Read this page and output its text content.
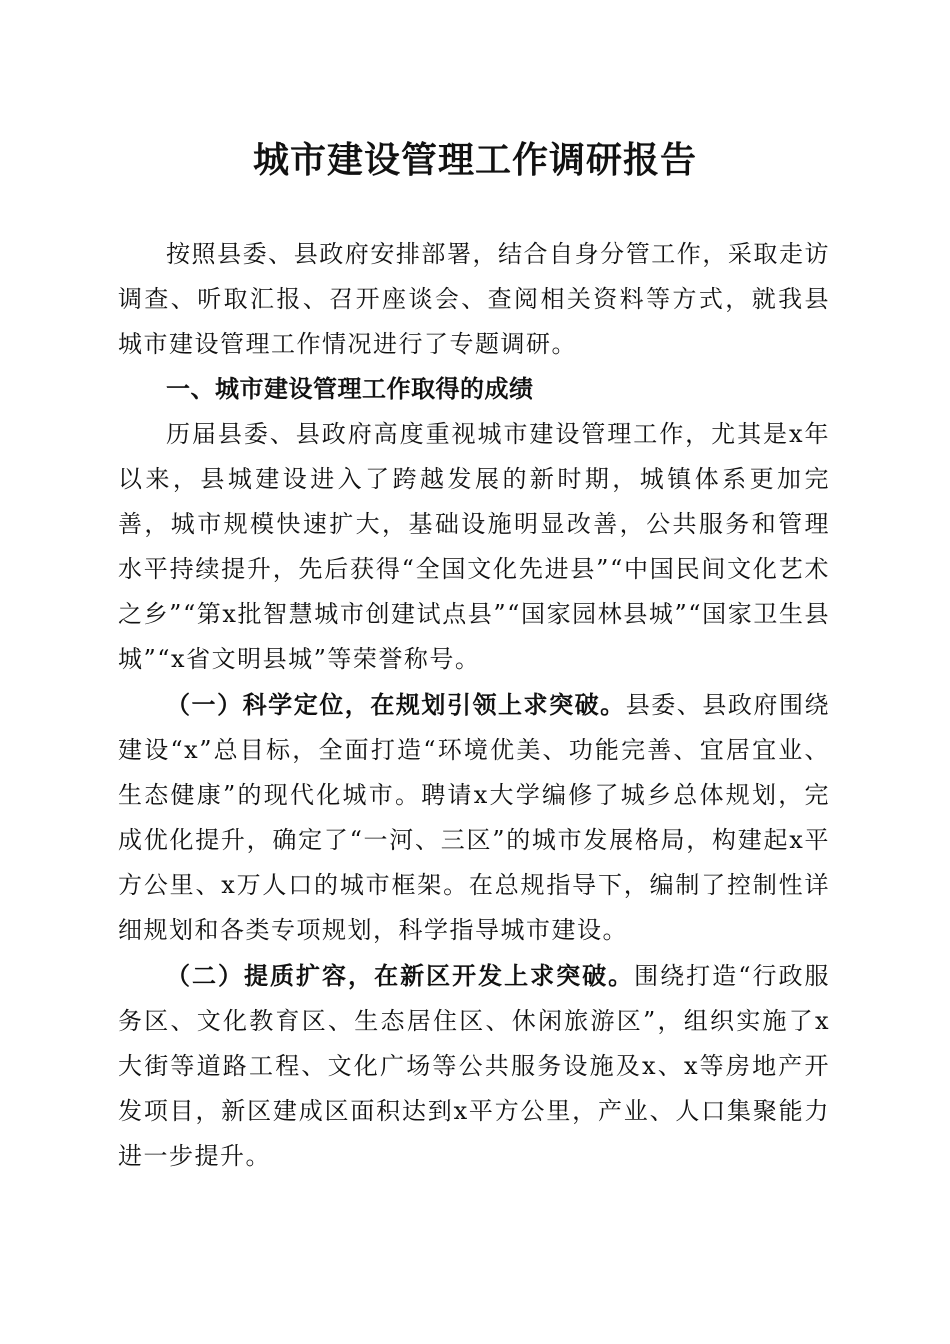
城市建设管理工作调研报告

按照县委、县政府安排部署，结合自身分管工作，采取走访调查、听取汇报、召开座谈会、查阅相关资料等方式，就我县城市建设管理工作情况进行了专题调研。

一、城市建设管理工作取得的成绩

历届县委、县政府高度重视城市建设管理工作，尤其是x年以来，县城建设进入了跨越发展的新时期，城镇体系更加完善，城市规模快速扩大，基础设施明显改善，公共服务和管理水平持续提升，先后获得“全国文化先进县”“中国民间文化艺术之乡”“第x批智慧城市创建试点县”“国家园林县城”“国家卫生县城”“x省文明县城”等荣誉称号。

（一）科学定位，在规划引领上求突破。县委、县政府围绕建设“x”总目标，全面打造“环境优美、功能完善、宜居宜业、生态健康”的现代化城市。聘请x大学编修了城乡总体规划，完成优化提升，确定了“一河、三区”的城市发展格局，构建起x平方公里、x万人口的城市框架。在总规指导下，编制了控制性详细规划和各类专项规划，科学指导城市建设。

（二）提质扩容，在新区开发上求突破。围绕打造“行政服务区、文化教育区、生态居住区、休闲旅游区”，组织实施了x大街等道路工程、文化广场等公共服务设施及x、x等房地产开发项目，新区建成区面积达到x平方公里，产业、人口集聚能力进一步提升。
